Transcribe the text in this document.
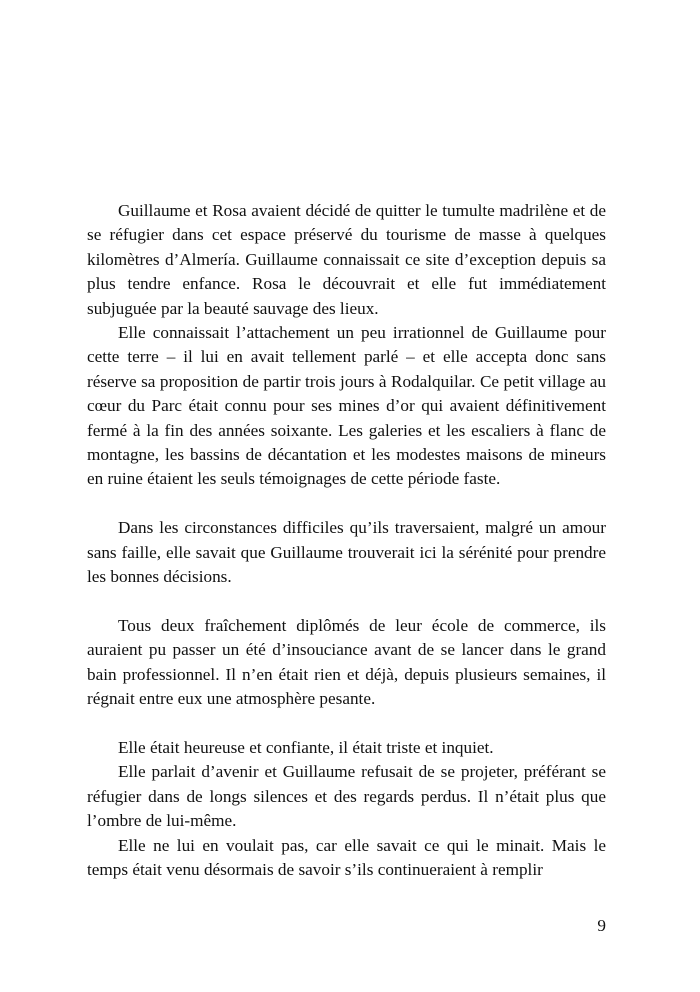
Guillaume et Rosa avaient décidé de quitter le tumulte madrilène et de se réfugier dans cet espace préservé du tourisme de masse à quelques kilomètres d’Almería. Guillaume connaissait ce site d’exception depuis sa plus tendre enfance. Rosa le découvrait et elle fut immédiatement subjuguée par la beauté sauvage des lieux.

Elle connaissait l’attachement un peu irrationnel de Guillaume pour cette terre – il lui en avait tellement parlé – et elle accepta donc sans réserve sa proposition de partir trois jours à Rodalquilar. Ce petit village au cœur du Parc était connu pour ses mines d’or qui avaient définitivement fermé à la fin des années soixante. Les galeries et les escaliers à flanc de montagne, les bassins de décantation et les modestes maisons de mineurs en ruine étaient les seuls témoignages de cette période faste.

Dans les circonstances difficiles qu’ils traversaient, malgré un amour sans faille, elle savait que Guillaume trouverait ici la sérénité pour prendre les bonnes décisions.

Tous deux fraîchement diplômés de leur école de commerce, ils auraient pu passer un été d’insouciance avant de se lancer dans le grand bain professionnel. Il n’en était rien et déjà, depuis plusieurs semaines, il régnait entre eux une atmosphère pesante.

Elle était heureuse et confiante, il était triste et inquiet.

Elle parlait d’avenir et Guillaume refusait de se projeter, préférant se réfugier dans de longs silences et des regards perdus. Il n’était plus que l’ombre de lui-même.

Elle ne lui en voulait pas, car elle savait ce qui le minait. Mais le temps était venu désormais de savoir s’ils continueraient à remplir

9
